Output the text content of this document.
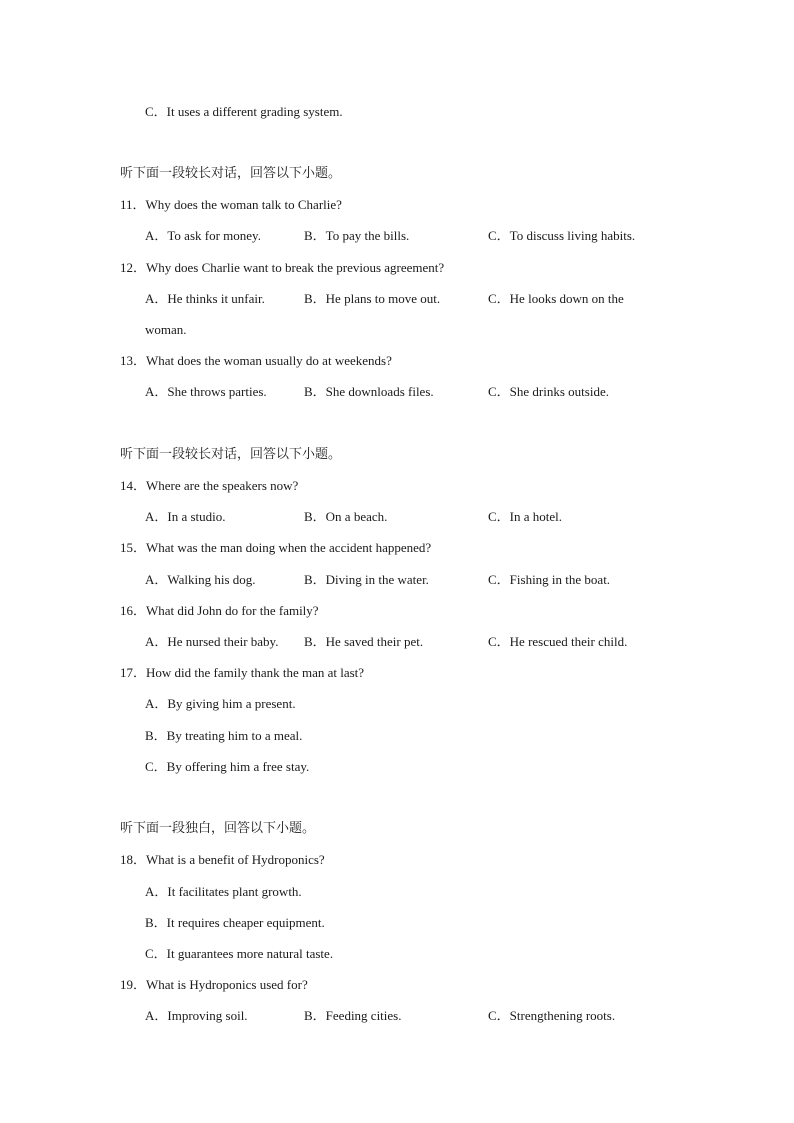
C．It uses a different grading system.
听下面一段较长对话，回答以下小题。
11．Why does the woman talk to Charlie?
A．To ask for money.	B．To pay the bills.	C．To discuss living habits.
12．Why does Charlie want to break the previous agreement?
A．He thinks it unfair.	B．He plans to move out.	C．He looks down on the
woman.
13．What does the woman usually do at weekends?
A．She throws parties.	B．She downloads files.	C．She drinks outside.
听下面一段较长对话，回答以下小题。
14．Where are the speakers now?
A．In a studio.	B．On a beach.	C．In a hotel.
15．What was the man doing when the accident happened?
A．Walking his dog.	B．Diving in the water.	C．Fishing in the boat.
16．What did John do for the family?
A．He nursed their baby. B．He saved their pet.	C．He rescued their child.
17．How did the family thank the man at last?
A．By giving him a present.
B．By treating him to a meal.
C．By offering him a free stay.
听下面一段独白，回答以下小题。
18．What is a benefit of Hydroponics?
A．It facilitates plant growth.
B．It requires cheaper equipment.
C．It guarantees more natural taste.
19．What is Hydroponics used for?
A．Improving soil.	B．Feeding cities.	C．Strengthening roots.
